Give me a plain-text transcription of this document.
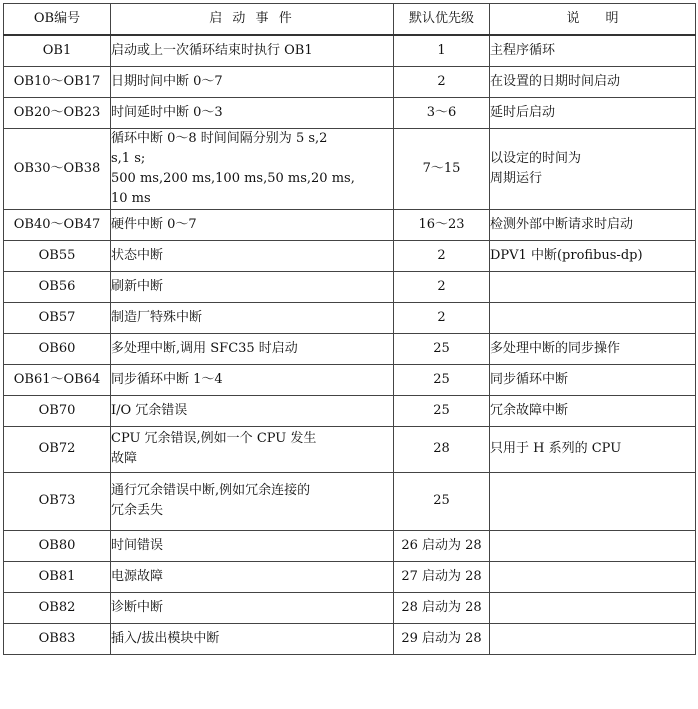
OB编号	启 动 事 件	默认优先级	说　　明
OB1	启动或上一次循环结束时执行 OB1	1	主程序循环

OB10～OB17	日期时间中断 0～7	2	在设置的日期时间启动

OB20～OB23	时间延时中断 0～3	3～6	延时后启动

OB30～OB38	循环中断 0～8 时间间隔分别为 5 s,2
s,1 s;
500 ms,200 ms,100 ms,50 ms,20 ms,
10 ms	7～15	以设定的时间为
周期运行

OB40～OB47	硬件中断 0～7	16～23	检测外部中断请求时启动

OB55	状态中断	2	DPV1 中断(profibus-dp)

OB56	刷新中断	2	

OB57	制造厂特殊中断	2	

OB60	多处理中断,调用 SFC35 时启动	25	多处理中断的同步操作

OB61～OB64	同步循环中断 1～4	25	同步循环中断

OB70	I/O 冗余错误	25	冗余故障中断

OB72	CPU 冗余错误,例如一个 CPU 发生
故障	28	只用于 H 系列的 CPU

OB73	通行冗余错误中断,例如冗余连接的
冗余丢失	25	

OB80	时间错误	26 启动为 28	

OB81	电源故障	27 启动为 28	

OB82	诊断中断	28 启动为 28	

OB83	插入/拔出模块中断	29 启动为 28	
